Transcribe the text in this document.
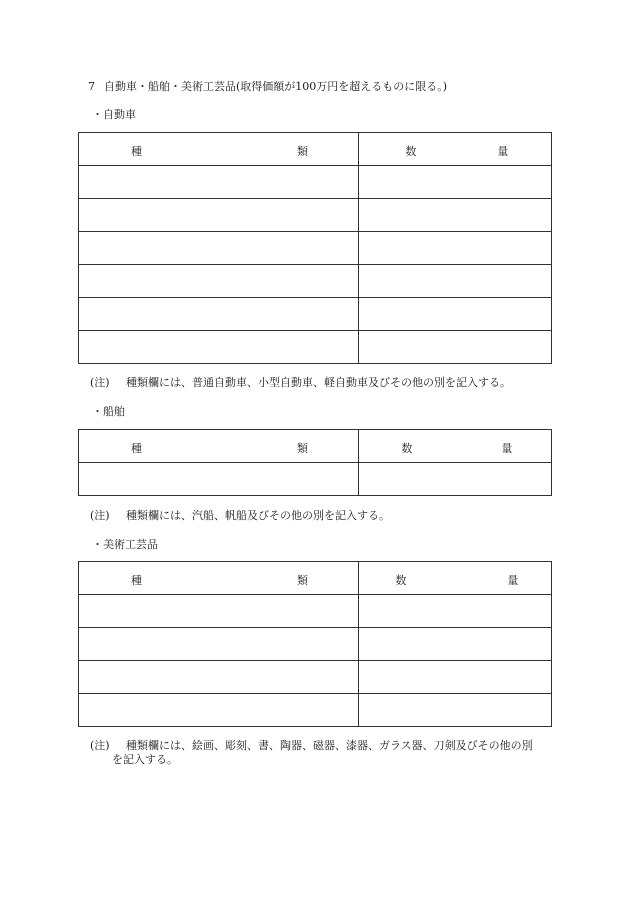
7 自動車・船舶・美術工芸品(取得価額が100万円を超えるものに限る。)
・自動車
種 類	数 量

(注) 種類欄には、普通自動車、小型自動車、軽自動車及びその他の別を記入する。
・船舶
種 類	数 量

(注) 種類欄には、汽船、帆船及びその他の別を記入する。
・美術工芸品
種 類	数 量

(注) 種類欄には、絵画、彫刻、書、陶器、磁器、漆器、ガラス器、刀剣及びその他の別
を記入する。
